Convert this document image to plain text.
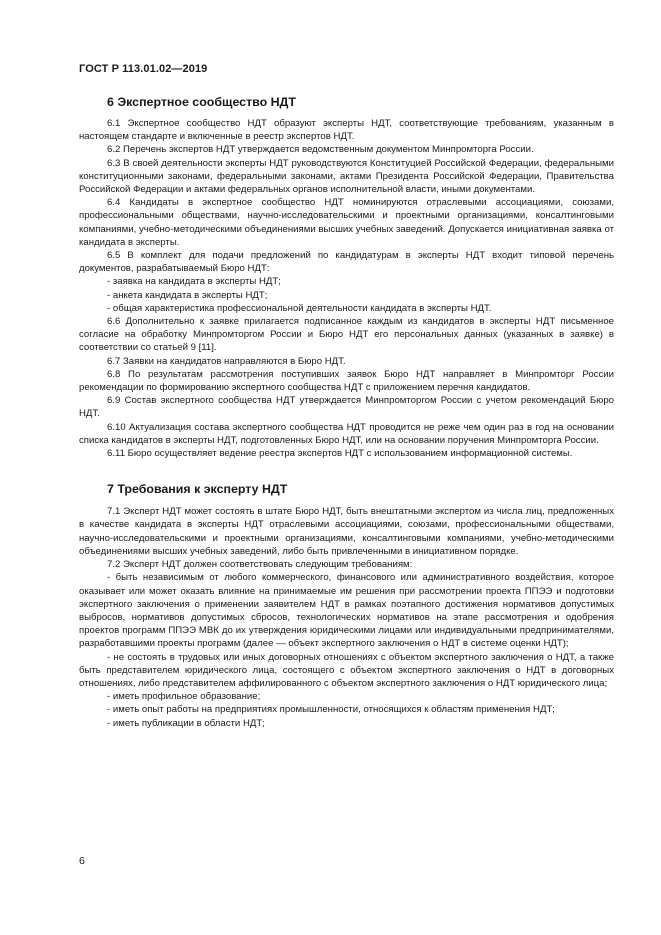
ГОСТ Р 113.01.02—2019
6 Экспертное сообщество НДТ

6.1 Экспертное сообщество НДТ образуют эксперты НДТ, соответствующие требованиям, указанным в настоящем стандарте и включенные в реестр экспертов НДТ.

6.2 Перечень экспертов НДТ утверждается ведомственным документом Минпромторга России.

6.3 В своей деятельности эксперты НДТ руководствуются Конституцией Российской Федерации, федеральными конституционными законами, федеральными законами, актами Президента Российской Федерации, Правительства Российской Федерации и актами федеральных органов исполнительной власти, иными документами.

6.4 Кандидаты в экспертное сообщество НДТ номинируются отраслевыми ассоциациями, союзами, профессиональными обществами, научно-исследовательскими и проектными организациями, консалтинговыми компаниями, учебно-методическими объединениями высших учебных заведений. Допускается инициативная заявка от кандидата в эксперты.

6.5 В комплект для подачи предложений по кандидатурам в эксперты НДТ входит типовой перечень документов, разрабатываемый Бюро НДТ:

- заявка на кандидата в эксперты НДТ;

- анкета кандидата в эксперты НДТ;

- общая характеристика профессиональной деятельности кандидата в эксперты НДТ.

6.6 Дополнительно к заявке прилагается подписанное каждым из кандидатов в эксперты НДТ письменное согласие на обработку Минпромторгом России и Бюро НДТ его персональных данных (указанных в заявке) в соответствии со статьей 9 [11].

6.7 Заявки на кандидатов направляются в Бюро НДТ.

6.8 По результатам рассмотрения поступивших заявок Бюро НДТ направляет в Минпромторг России рекомендации по формированию экспертного сообщества НДТ с приложением перечня кандидатов.

6.9 Состав экспертного сообщества НДТ утверждается Минпромторгом России с учетом рекомендаций Бюро НДТ.

6.10 Актуализация состава экспертного сообщества НДТ проводится не реже чем один раз в год на основании списка кандидатов в эксперты НДТ, подготовленных Бюро НДТ, или на основании поручения Минпромторга России.

6.11 Бюро осуществляет ведение реестра экспертов НДТ с использованием информационной системы.

7 Требования к эксперту НДТ

7.1 Эксперт НДТ может состоять в штате Бюро НДТ, быть внештатными экспертом из числа лиц, предложенных в качестве кандидата в эксперты НДТ отраслевыми ассоциациями, союзами, профессиональными обществами, научно-исследовательскими и проектными организациями, консалтинговыми компаниями, учебно-методическими объединениями высших учебных заведений, либо быть привлеченными в инициативном порядке.

7.2 Эксперт НДТ должен соответствовать следующим требованиям:

- быть независимым от любого коммерческого, финансового или административного воздействия, которое оказывает или может оказать влияние на принимаемые им решения при рассмотрении проекта ППЭЭ и подготовки экспертного заключения о применении заявителем НДТ в рамках поэтапного достижения нормативов допустимых выбросов, нормативов допустимых сбросов, технологических нормативов на этапе рассмотрения и одобрения проектов программ ППЭЭ МВК до их утверждения юридическими лицами или индивидуальными предпринимателями, разработавшими проекты программ (далее — объект экспертного заключения о НДТ в системе оценки НДТ);

- не состоять в трудовых или иных договорных отношениях с объектом экспертного заключения о НДТ, а также быть представителем юридического лица, состоящего с объектом экспертного заключения о НДТ в договорных отношениях, либо представителем аффилированного с объектом экспертного заключения о НДТ юридического лица;

- иметь профильное образование;

- иметь опыт работы на предприятиях промышленности, относящихся к областям применения НДТ;

- иметь публикации в области НДТ;

6
